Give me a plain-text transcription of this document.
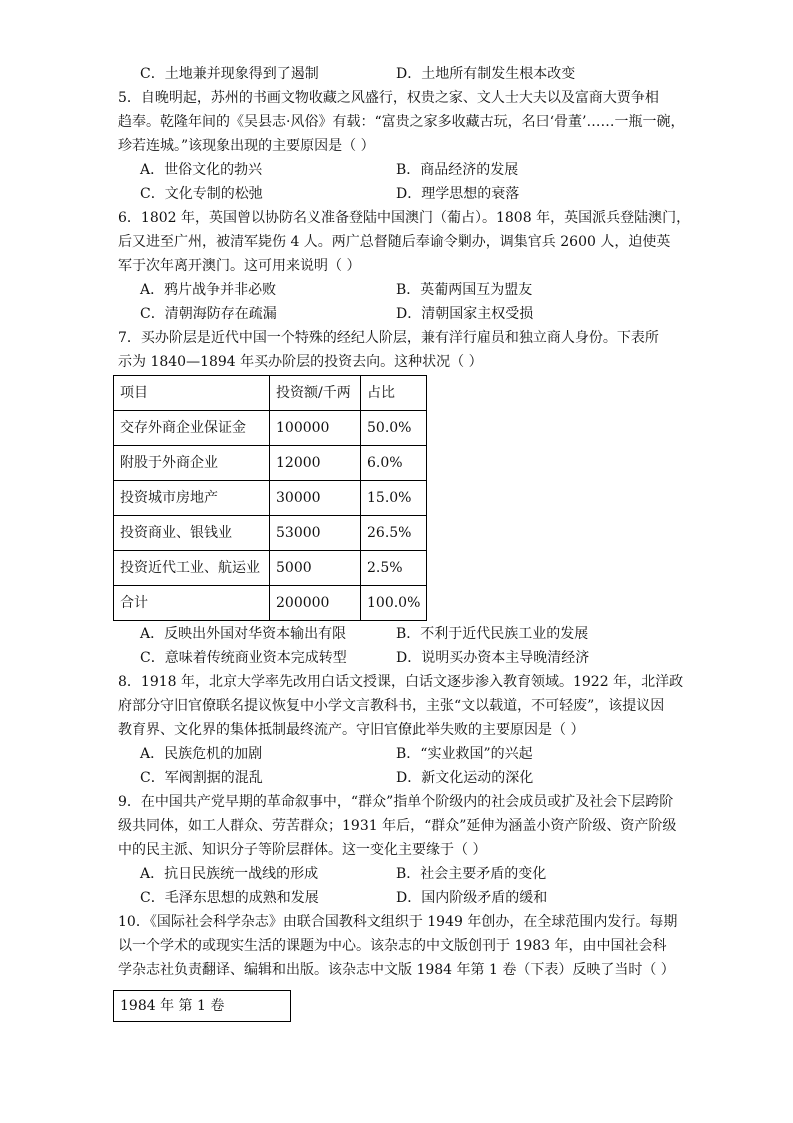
C．土地兼并现象得到了遏制	D．土地所有制发生根本改变
5．自晚明起，苏州的书画文物收藏之风盛行，权贵之家、文人士大夫以及富商大贾争相
趋奉。乾隆年间的《吴县志·风俗》有载：“富贵之家多收藏古玩，名曰‘骨董’……一瓶一碗，
珍若连城。”该现象出现的主要原因是（ ）
A．世俗文化的勃兴	B．商品经济的发展
C．文化专制的松弛	D．理学思想的衰落
6．1802 年，英国曾以协防名义准备登陆中国澳门（葡占）。1808 年，英国派兵登陆澳门，
后又进至广州，被清军毙伤 4 人。两广总督随后奉谕令剿办，调集官兵 2600 人，迫使英
军于次年离开澳门。这可用来说明（ ）
A．鸦片战争并非必败	B．英葡两国互为盟友
C．清朝海防存在疏漏	D．清朝国家主权受损
7．买办阶层是近代中国一个特殊的经纪人阶层，兼有洋行雇员和独立商人身份。下表所
示为 1840—1894 年买办阶层的投资去向。这种状况（ ）
项目	投资额/千两	占比
交存外商企业保证金	100000	50.0%
附股于外商企业	12000	6.0%
投资城市房地产	30000	15.0%
投资商业、银钱业	53000	26.5%
投资近代工业、航运业	5000	2.5%
合计	200000	100.0%
A．反映出外国对华资本输出有限	B．不利于近代民族工业的发展
C．意味着传统商业资本完成转型	D．说明买办资本主导晚清经济
8．1918 年，北京大学率先改用白话文授课，白话文逐步渗入教育领域。1922 年，北洋政
府部分守旧官僚联名提议恢复中小学文言教科书，主张“文以载道，不可轻废”，该提议因
教育界、文化界的集体抵制最终流产。守旧官僚此举失败的主要原因是（ ）
A．民族危机的加剧	B．“实业救国”的兴起
C．军阀割据的混乱	D．新文化运动的深化
9．在中国共产党早期的革命叙事中，“群众”指单个阶级内的社会成员或扩及社会下层跨阶
级共同体，如工人群众、劳苦群众；1931 年后，“群众”延伸为涵盖小资产阶级、资产阶级
中的民主派、知识分子等阶层群体。这一变化主要缘于（ ）
A．抗日民族统一战线的形成	B．社会主要矛盾的变化
C．毛泽东思想的成熟和发展	D．国内阶级矛盾的缓和
10．《国际社会科学杂志》由联合国教科文组织于 1949 年创办，在全球范围内发行。每期
以一个学术的或现实生活的课题为中心。该杂志的中文版创刊于 1983 年，由中国社会科
学杂志社负责翻译、编辑和出版。该杂志中文版 1984 年第 1 卷（下表）反映了当时（ ）
1984 年 第 1 卷
